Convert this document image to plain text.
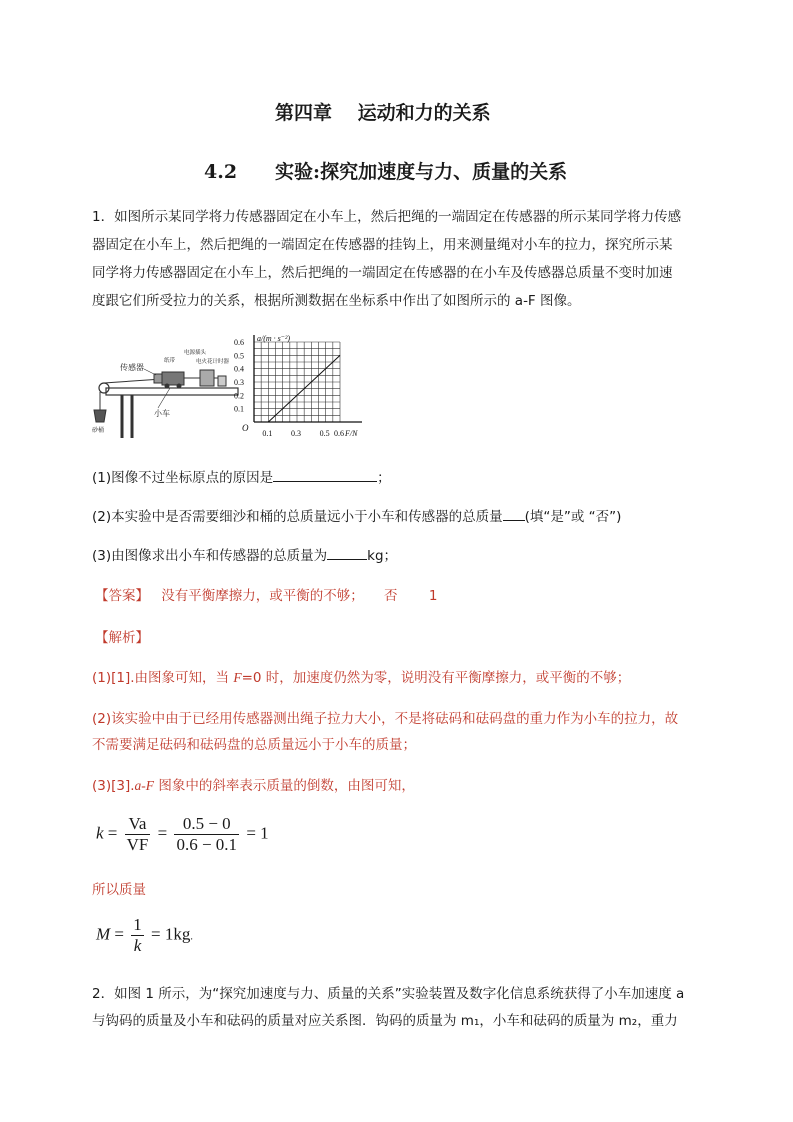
第四章　 运动和力的关系
4.2　　实验:探究加速度与力、质量的关系
1．如图所示某同学将力传感器固定在小车上，然后把绳的一端固定在传感器的所示某同学将力传感
器固定在小车上，然后把绳的一端固定在传感器的挂钩上，用来测量绳对小车的拉力，探究所示某
同学将力传感器固定在小车上，然后把绳的一端固定在传感器的在小车及传感器总质量不变时加速
度跟它们所受拉力的关系，根据所测数据在坐标系中作出了如图所示的 a-F 图像。
传感器
电源插头
纸带	电火花计时器
小车
砂桶
a/(m · s⁻²)
O
0.6
0.5
0.4
0.3
0.2
0.1
0.1 0.3 0.5 0.6 F/N
(1)图像不过坐标原点的原因是	；
(2)本实验中是否需要细沙和桶的总质量远小于小车和传感器的总质量 (填“是”或 “否”)
(3)由图像求出小车和传感器的总质量为	kg；
【答案】 没有平衡摩擦力，或平衡的不够；　　否　　 1
【解析】
(1)[1].由图象可知，当 F=0 时，加速度仍然为零，说明没有平衡摩擦力，或平衡的不够；
(2)该实验中由于已经用传感器测出绳子拉力大小，不是将砝码和砝码盘的重力作为小车的拉力，故
不需要满足砝码和砝码盘的总质量远小于小车的质量；
(3)[3].a-F 图象中的斜率表示质量的倒数，由图可知，
$k = \frac{Va}{VF} = \frac{0.5 - 0}{0.6 - 0.1} = 1$
所以质量
$M = \frac{1}{k} = 1kg$.
2．如图 1 所示，为“探究加速度与力、质量的关系”实验装置及数字化信息系统获得了小车加速度 a
与钩码的质量及小车和砝码的质量对应关系图．钩码的质量为 m₁，小车和砝码的质量为 m₂，重力
